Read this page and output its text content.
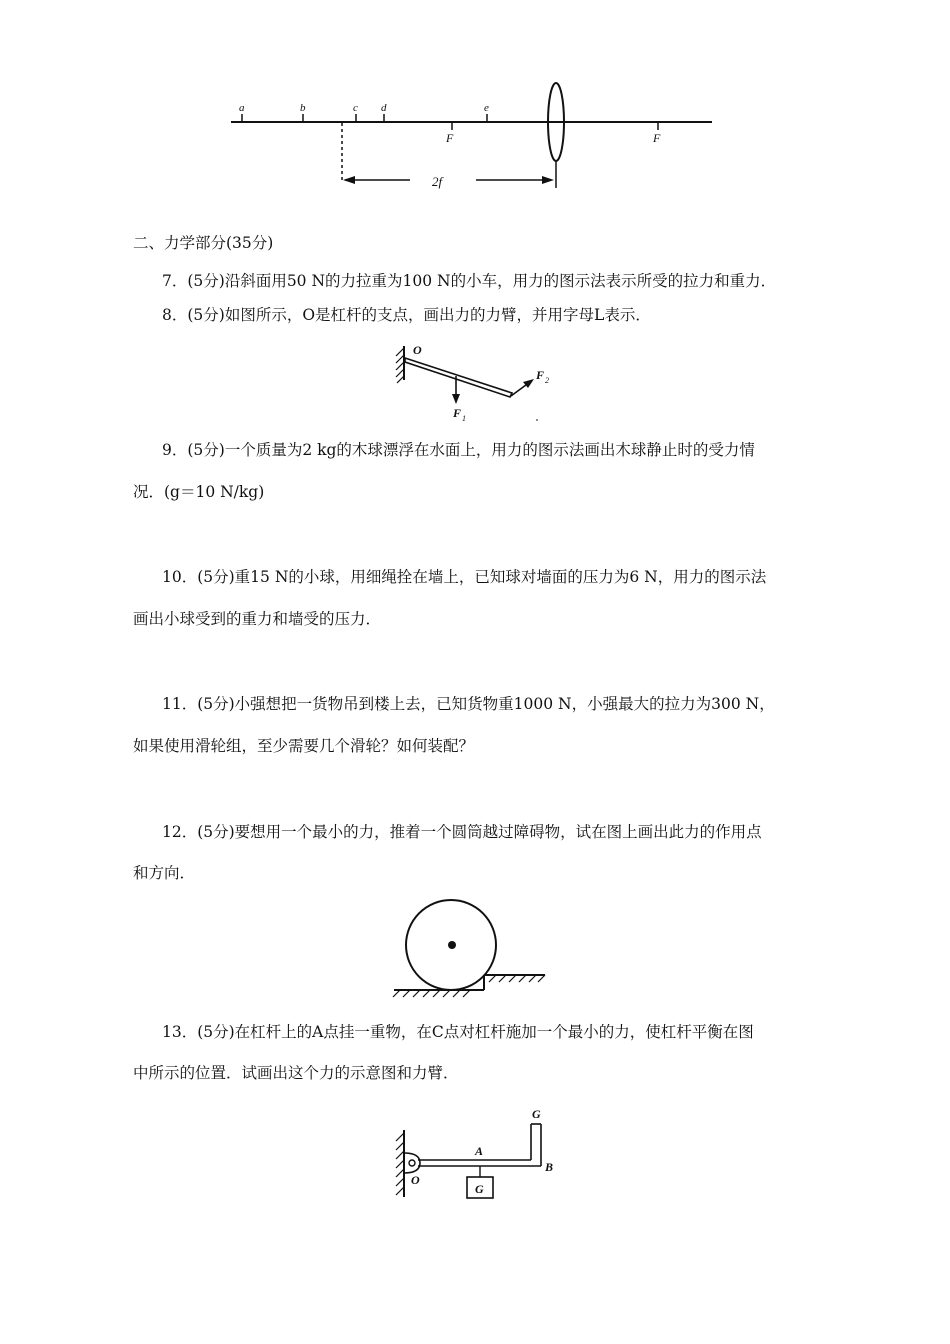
a	b	c d	e
F	F
2f
二、力学部分(35分)
7．(5分)沿斜面用50 N的力拉重为100 N的小车，用力的图示法表示所受的拉力和重力．
8．(5分)如图所示，O是杠杆的支点，画出力的力臂，并用字母L表示．
O
F 2
F 1
9．(5分)一个质量为2 kg的木球漂浮在水面上，用力的图示法画出木球静止时的受力情
况．(g＝10 N/kg)
10．(5分)重15 N的小球，用细绳拴在墙上，已知球对墙面的压力为6 N，用力的图示法
画出小球受到的重力和墙受的压力．
11．(5分)小强想把一货物吊到楼上去，已知货物重1000 N，小强最大的拉力为300 N，
如果使用滑轮组，至少需要几个滑轮？如何装配？
12．(5分)要想用一个最小的力，推着一个圆筒越过障碍物，试在图上画出此力的作用点
和方向．
13．(5分)在杠杆上的A点挂一重物，在C点对杠杆施加一个最小的力，使杠杆平衡在图
中所示的位置．试画出这个力的示意图和力臂．
G
O
A
B
G
